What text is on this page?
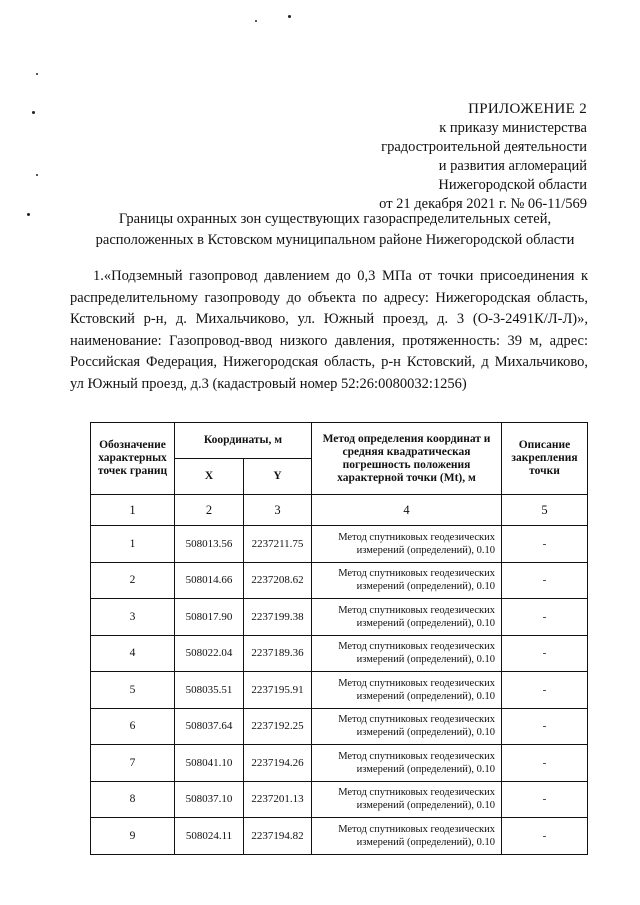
ПРИЛОЖЕНИЕ 2
к приказу министерства
градостроительной деятельности
и развития агломераций
Нижегородской области
от 21 декабря 2021 г. № 06-11/569
Границы охранных зон существующих газораспределительных сетей,
расположенных в Кстовском муниципальном районе Нижегородской области
1.«Подземный газопровод давлением до 0,3 МПа от точки присоединения к распределительному газопроводу до объекта по адресу: Нижегородская область, Кстовский р-н, д. Михальчиково, ул. Южный проезд, д. 3 (О-3-2491К/Л-Л)», наименование: Газопровод-ввод низкого давления, протяженность: 39 м, адрес: Российская Федерация, Нижегородская область, р-н Кстовский, д Михальчиково, ул Южный проезд, д.3 (кадастровый номер 52:26:0080032:1256)
Обозначение характерных точек границ	Координаты, м		Метод определения координат и средняя квадратическая погрешность положения характерной точки (Mt), м	Описание закрепления точки
	X	Y		
1	2	3	4	5
1	508013.56	2237211.75	Метод спутниковых геодезических
измерений (определений), 0.10	-
2	508014.66	2237208.62	Метод спутниковых геодезических
измерений (определений), 0.10	-
3	508017.90	2237199.38	Метод спутниковых геодезических
измерений (определений), 0.10	-
4	508022.04	2237189.36	Метод спутниковых геодезических
измерений (определений), 0.10	-
5	508035.51	2237195.91	Метод спутниковых геодезических
измерений (определений), 0.10	-
6	508037.64	2237192.25	Метод спутниковых геодезических
измерений (определений), 0.10	-
7	508041.10	2237194.26	Метод спутниковых геодезических
измерений (определений), 0.10	-
8	508037.10	2237201.13	Метод спутниковых геодезических
измерений (определений), 0.10	-
9	508024.11	2237194.82	Метод спутниковых геодезических
измерений (определений), 0.10	-
